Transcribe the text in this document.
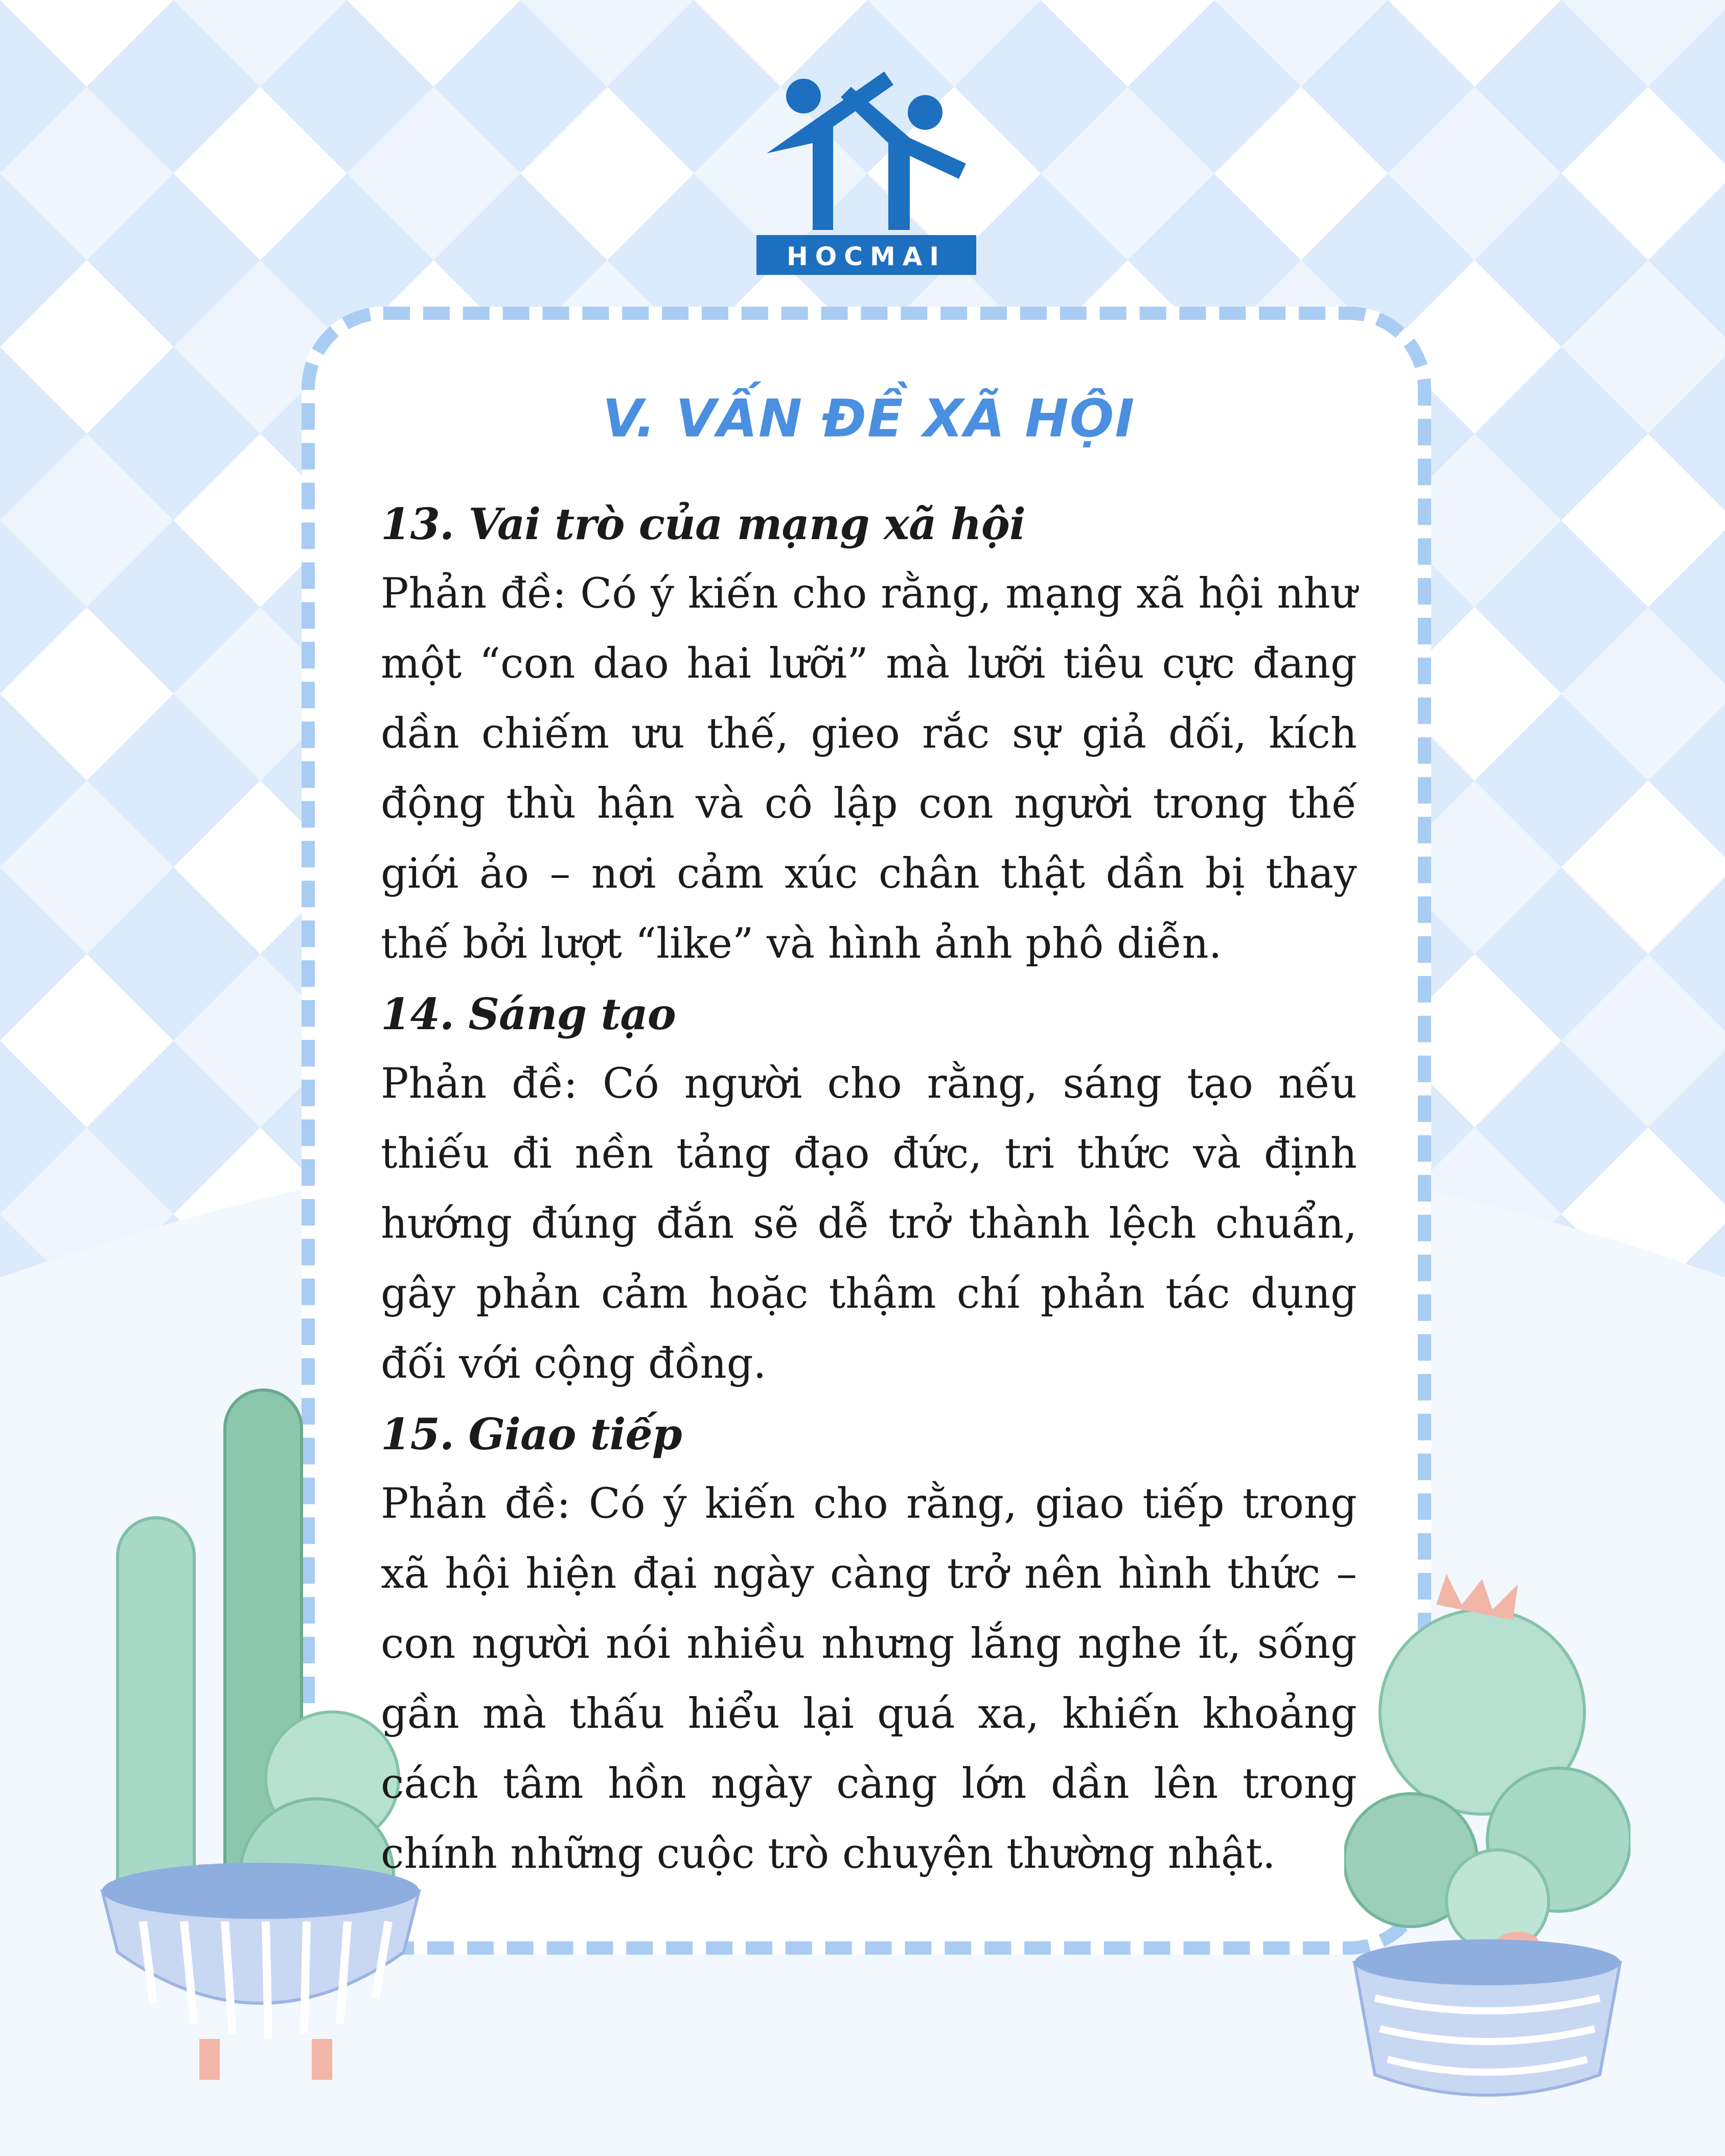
HOCMAI
V. VẤN ĐỀ XÃ HỘI

13. Vai trò của mạng xã hội

Phản đề: Có ý kiến cho rằng, mạng xã hội như một “con dao hai lưỡi” mà lưỡi tiêu cực đang dần chiếm ưu thế, gieo rắc sự giả dối, kích động thù hận và cô lập con người trong thế giới ảo – nơi cảm xúc chân thật dần bị thay thế bởi lượt “like” và hình ảnh phô diễn.

14. Sáng tạo

Phản đề: Có người cho rằng, sáng tạo nếu thiếu đi nền tảng đạo đức, tri thức và định hướng đúng đắn sẽ dễ trở thành lệch chuẩn, gây phản cảm hoặc thậm chí phản tác dụng đối với cộng đồng.

15. Giao tiếp

Phản đề: Có ý kiến cho rằng, giao tiếp trong xã hội hiện đại ngày càng trở nên hình thức – con người nói nhiều nhưng lắng nghe ít, sống gần mà thấu hiểu lại quá xa, khiến khoảng cách tâm hồn ngày càng lớn dần lên trong chính những cuộc trò chuyện thường nhật.
